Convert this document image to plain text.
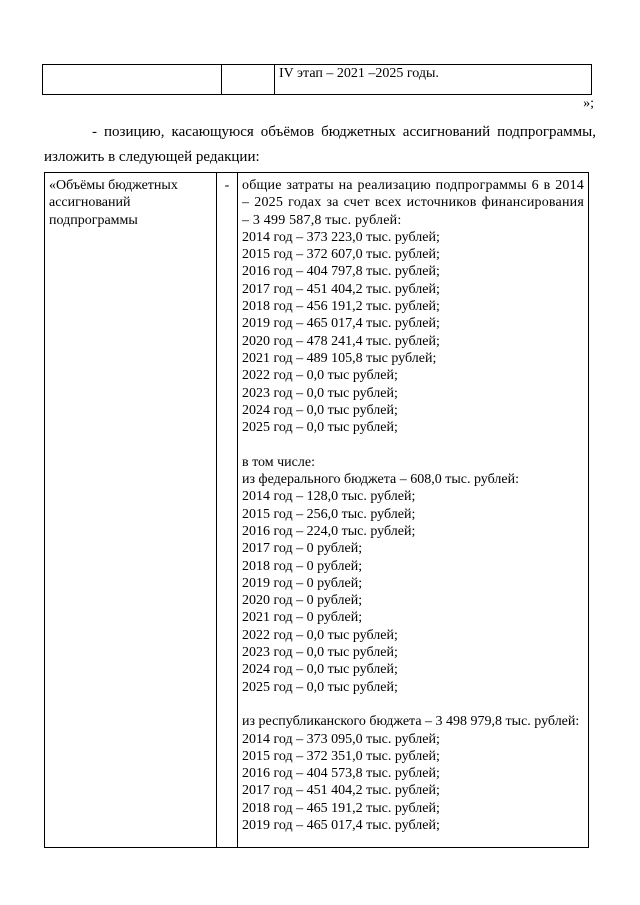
		IV этап – 2021 –2025 годы.
»;
- позицию, касающуюся объёмов бюджетных ассигнований подпрограммы, изложить в следующей редакции:
«Объёмы бюджетных ассигнований подпрограммы	-	общие затраты на реализацию подпрограммы 6 в 2014 – 2025 годах за счет всех источников финансирования – 3 499 587,8 тыс. рублей:
2014 год – 373 223,0 тыс. рублей;
2015 год – 372 607,0 тыс. рублей;
2016 год – 404 797,8 тыс. рублей;
2017 год – 451 404,2 тыс. рублей;
2018 год – 456 191,2 тыс. рублей;
2019 год – 465 017,4 тыс. рублей;
2020 год – 478 241,4 тыс. рублей;
2021 год – 489 105,8 тыс рублей;
2022 год – 0,0 тыс рублей;
2023 год – 0,0 тыс рублей;
2024 год – 0,0 тыс рублей;
2025 год – 0,0 тыс рублей;
в том числе:
из федерального бюджета – 608,0 тыс. рублей:
2014 год – 128,0 тыс. рублей;
2015 год – 256,0 тыс. рублей;
2016 год – 224,0 тыс. рублей;
2017 год – 0 рублей;
2018 год – 0 рублей;
2019 год – 0 рублей;
2020 год – 0 рублей;
2021 год – 0 рублей;
2022 год – 0,0 тыс рублей;
2023 год – 0,0 тыс рублей;
2024 год – 0,0 тыс рублей;
2025 год – 0,0 тыс рублей;
из республиканского бюджета – 3 498 979,8 тыс. рублей:
2014 год – 373 095,0 тыс. рублей;
2015 год – 372 351,0 тыс. рублей;
2016 год – 404 573,8 тыс. рублей;
2017 год – 451 404,2 тыс. рублей;
2018 год – 465 191,2 тыс. рублей;
2019 год – 465 017,4 тыс. рублей;
